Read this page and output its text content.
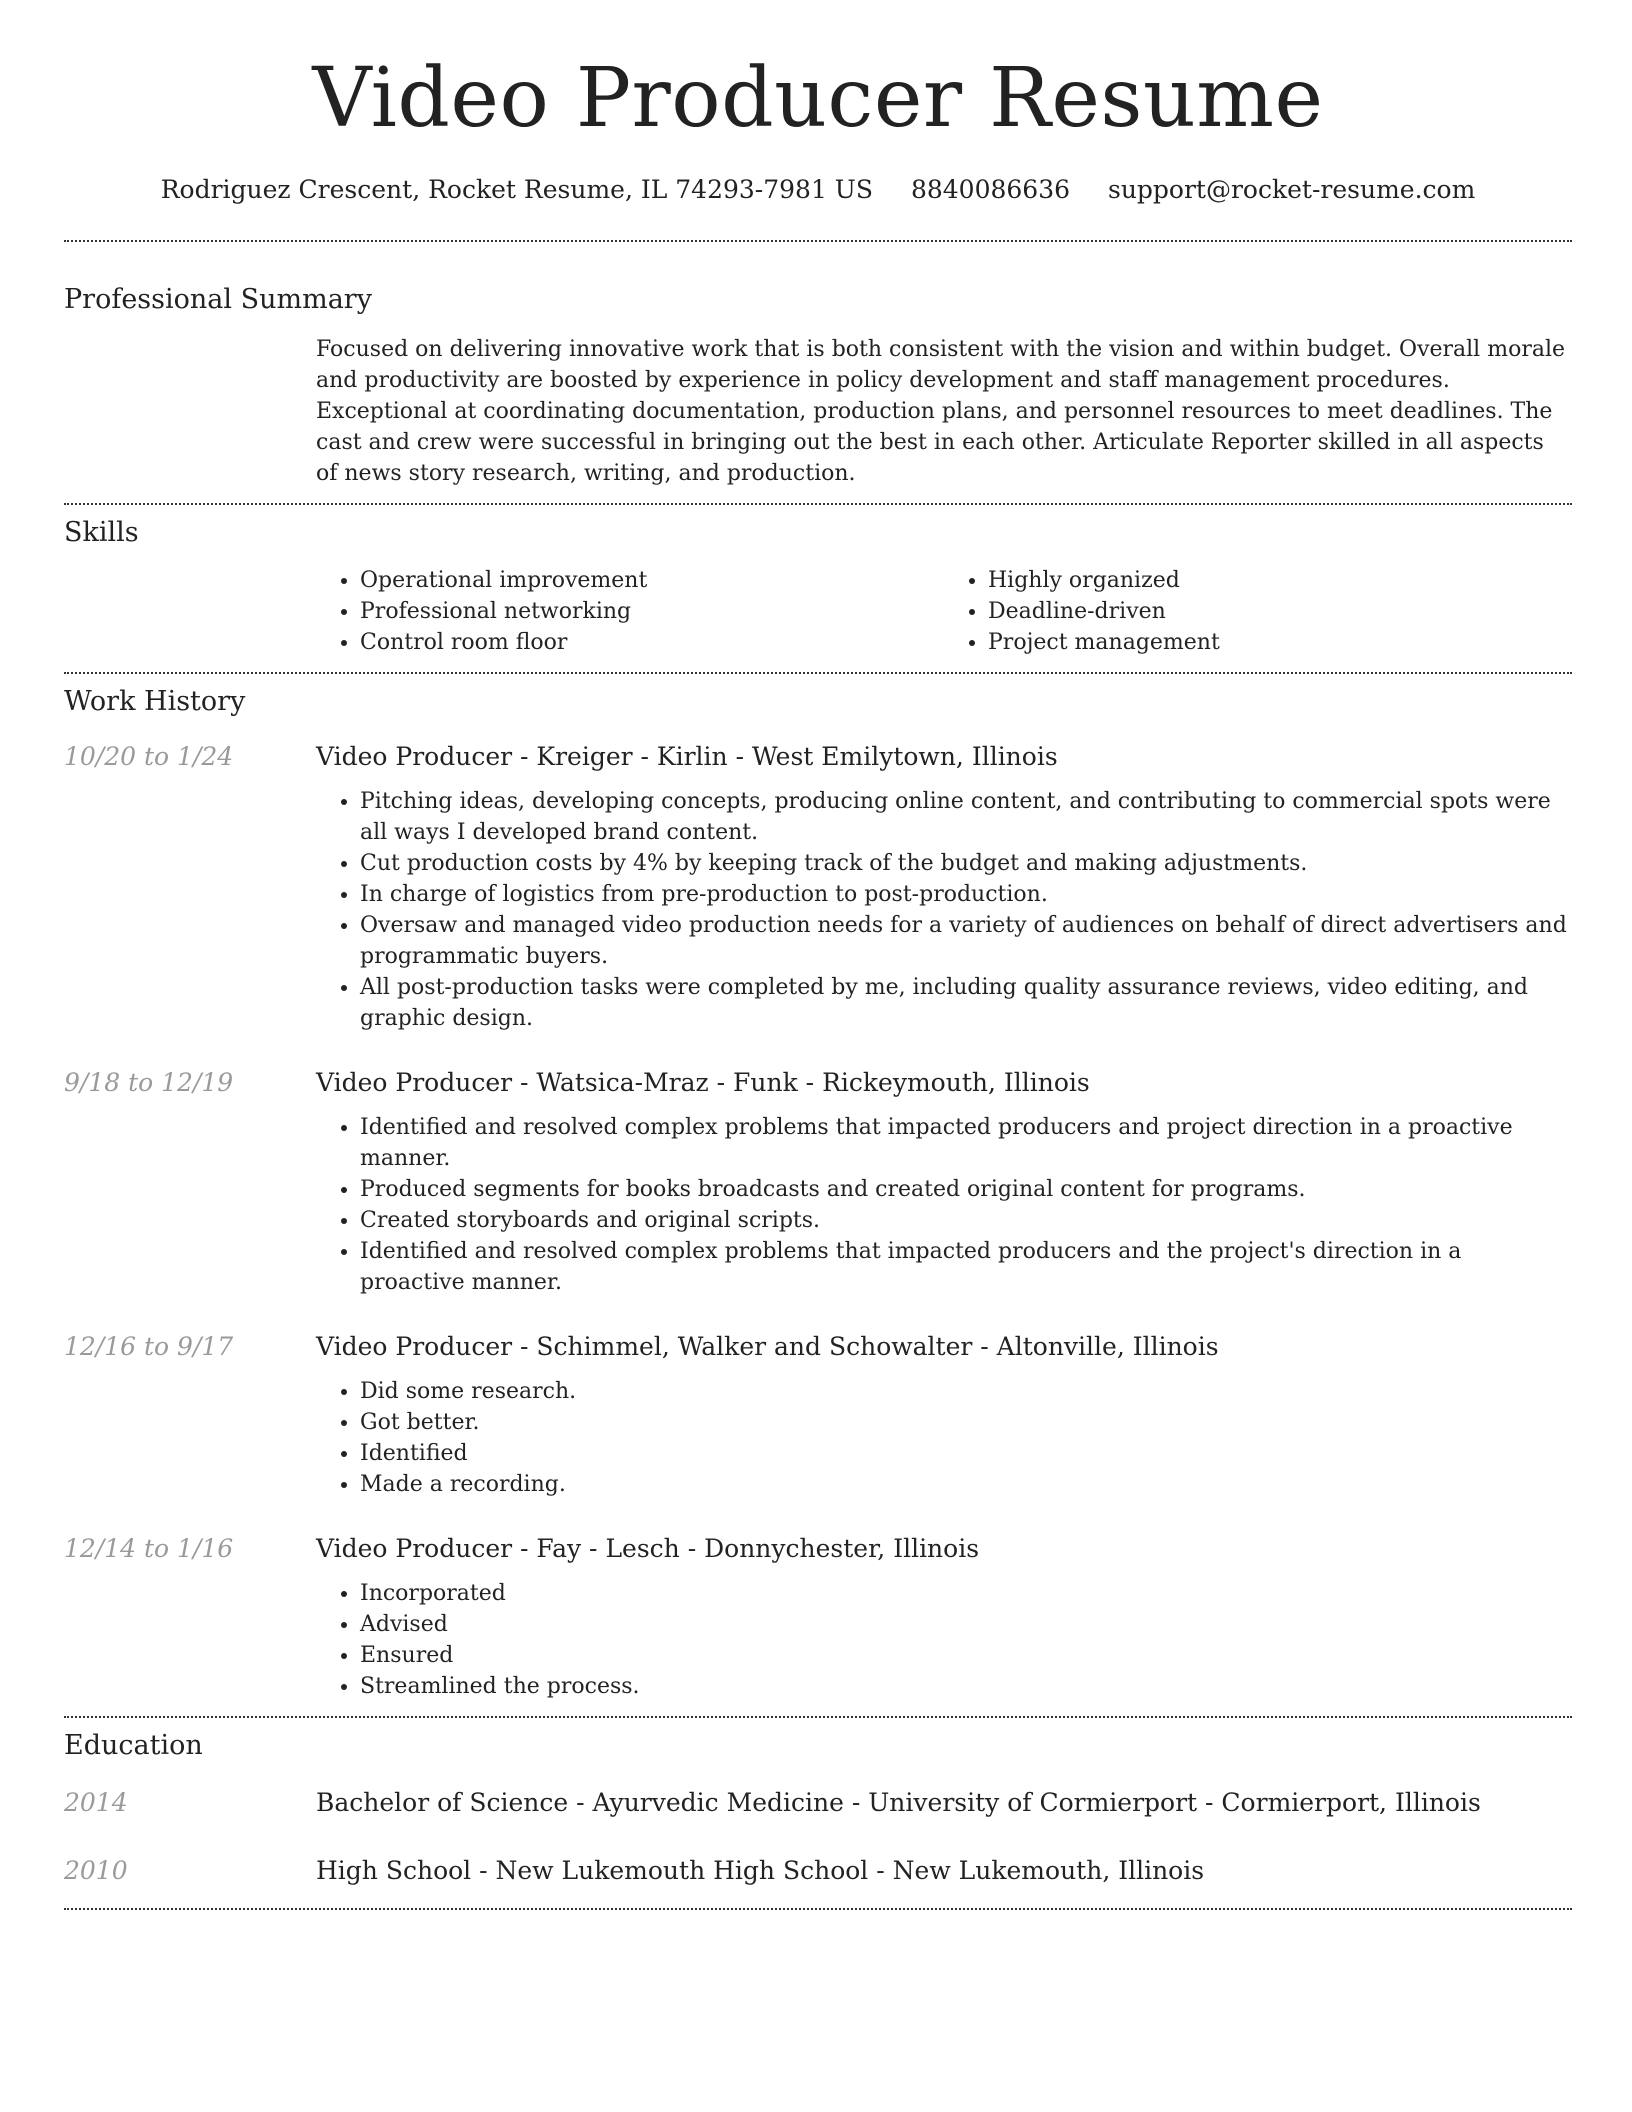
Video Producer Resume
Rodriguez Crescent, Rocket Resume, IL 74293-7981 US 8840086636 support@rocket-resume.com
Professional Summary
Focused on delivering innovative work that is both consistent with the vision and within budget. Overall morale and productivity are boosted by experience in policy development and staff management procedures. Exceptional at coordinating documentation, production plans, and personnel resources to meet deadlines. The cast and crew were successful in bringing out the best in each other. Articulate Reporter skilled in all aspects of news story research, writing, and production.
Skills
• Operational improvement
• Professional networking
• Control room floor
• Highly organized
• Deadline-driven
• Project management
Work History
10/20 to 1/24	Video Producer - Kreiger - Kirlin - West Emilytown, Illinois
• Pitching ideas, developing concepts, producing online content, and contributing to commercial spots were all ways I developed brand content.
• Cut production costs by 4% by keeping track of the budget and making adjustments.
• In charge of logistics from pre-production to post-production.
• Oversaw and managed video production needs for a variety of audiences on behalf of direct advertisers and programmatic buyers.
• All post-production tasks were completed by me, including quality assurance reviews, video editing, and graphic design.
9/18 to 12/19	Video Producer - Watsica-Mraz - Funk - Rickeymouth, Illinois
• Identified and resolved complex problems that impacted producers and project direction in a proactive manner.
• Produced segments for books broadcasts and created original content for programs.
• Created storyboards and original scripts.
• Identified and resolved complex problems that impacted producers and the project's direction in a proactive manner.
12/16 to 9/17	Video Producer - Schimmel, Walker and Schowalter - Altonville, Illinois
• Did some research.
• Got better.
• Identified
• Made a recording.
12/14 to 1/16	Video Producer - Fay - Lesch - Donnychester, Illinois
• Incorporated
• Advised
• Ensured
• Streamlined the process.
Education
2014	Bachelor of Science - Ayurvedic Medicine - University of Cormierport - Cormierport, Illinois
2010	High School - New Lukemouth High School - New Lukemouth, Illinois
